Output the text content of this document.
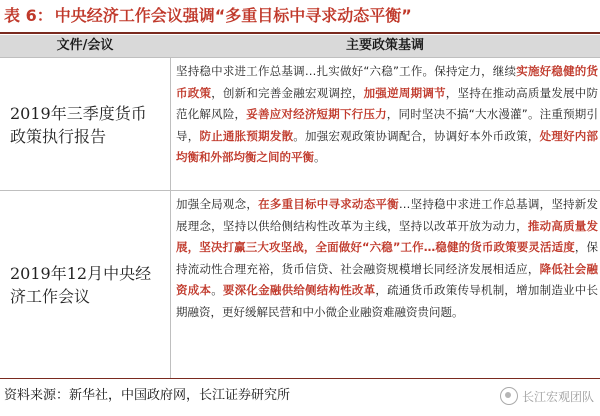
表 6： 中央经济工作会议强调“多重目标中寻求动态平衡”
文件/会议	主要政策基调
2019年三季度货币政策执行报告
坚持稳中求进工作总基调…扎实做好“六稳”工作。保持定力，继续实施好稳健的货币政策，创新和完善金融宏观调控，加强逆周期调节，坚持在推动高质量发展中防范化解风险，妥善应对经济短期下行压力，同时坚决不搞“大水漫灌”。注重预期引导，防止通胀预期发散。加强宏观政策协调配合，协调好本外币政策，处理好内部均衡和外部均衡之间的平衡。
2019年12月中央经济工作会议
加强全局观念，在多重目标中寻求动态平衡…坚持稳中求进工作总基调，坚持新发展理念，坚持以供给侧结构性改革为主线，坚持以改革开放为动力，推动高质量发展，坚决打赢三大攻坚战，全面做好“六稳”工作…稳健的货币政策要灵活适度，保持流动性合理充裕，货币信贷、社会融资规模增长同经济发展相适应，降低社会融资成本。要深化金融供给侧结构性改革，疏通货币政策传导机制，增加制造业中长期融资，更好缓解民营和中小微企业融资难融资贵问题。
资料来源：新华社，中国政府网，长江证券研究所	长江宏观团队
